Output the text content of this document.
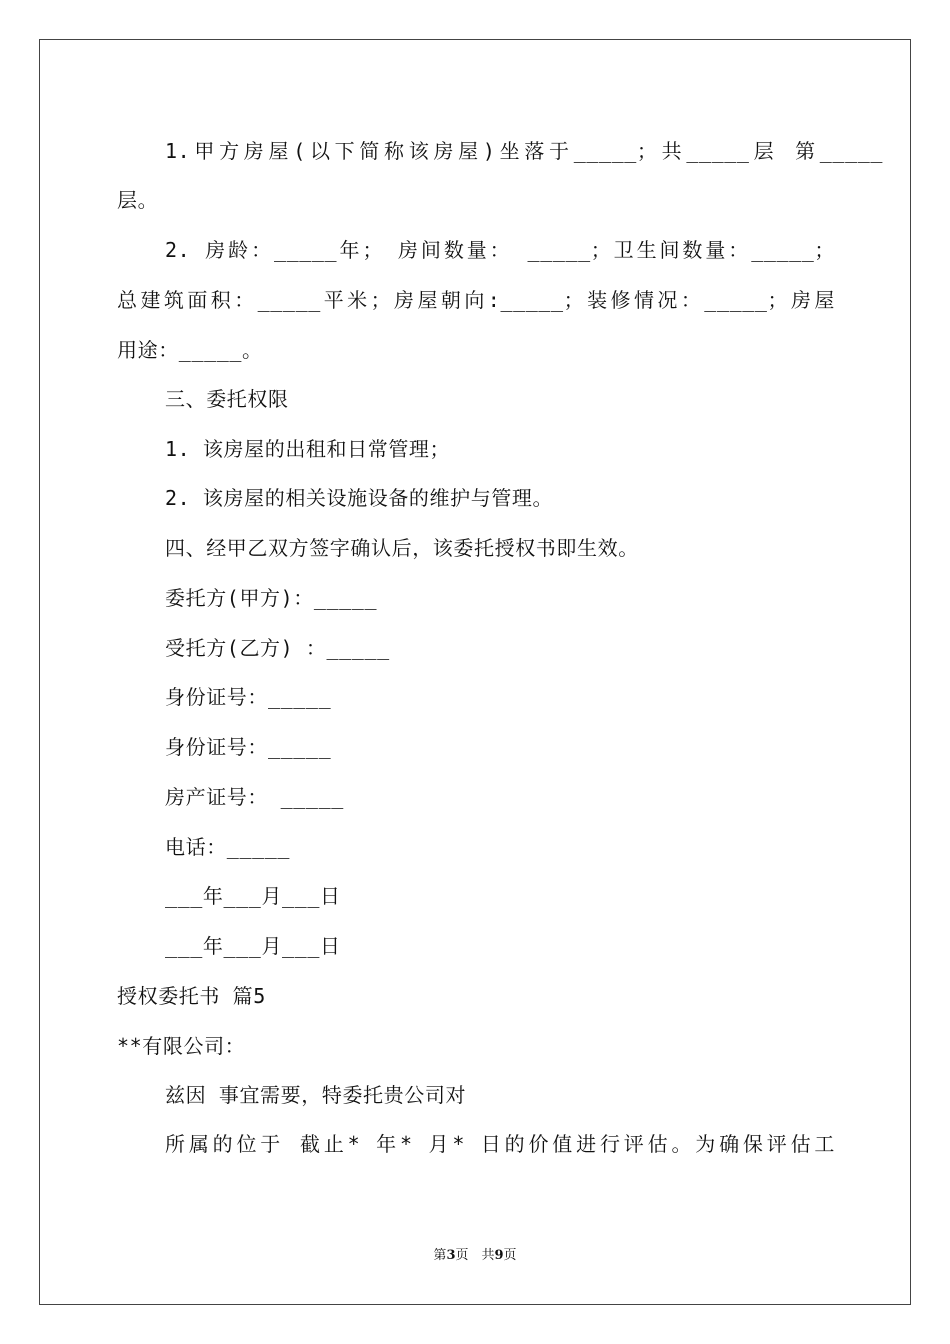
1.甲方房屋(以下简称该房屋)坐落于_____；共_____层 第_____
层。
2. 房龄：_____年； 房间数量： _____；卫生间数量：_____；
总建筑面积：_____平米；房屋朝向:_____；装修情况：_____；房屋
用途：_____。
三、委托权限
1. 该房屋的出租和日常管理；
2. 该房屋的相关设施设备的维护与管理。
四、经甲乙双方签字确认后，该委托授权书即生效。
委托方(甲方)：_____
受托方(乙方) ：_____
身份证号：_____
身份证号：_____
房产证号： _____
电话：_____
___年___月___日
___年___月___日
授权委托书 篇5
**有限公司：
兹因 事宜需要，特委托贵公司对
所属的位于 截止* 年* 月* 日的价值进行评估。为确保评估工
第3页　共9页
